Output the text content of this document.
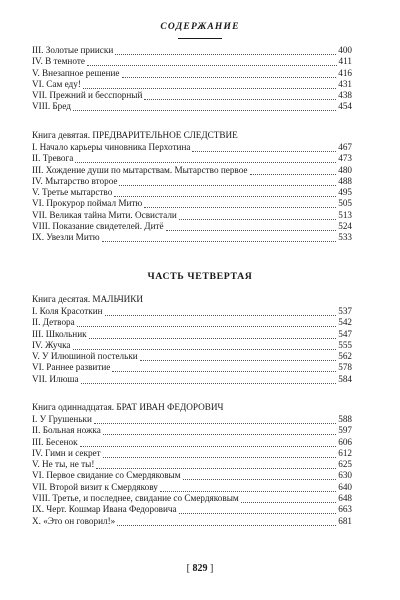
СОДЕРЖАНИЕ
III. Золотые прииски	400
IV. В темноте	411
V. Внезапное решение	416
VI. Сам еду!	431
VII. Прежний и бесспорный	438
VIII. Бред	454
Книга девятая. ПРЕДВАРИТЕЛЬНОЕ СЛЕДСТВИЕ
I. Начало карьеры чиновника Перхотина	467
II. Тревога	473
III. Хождение души по мытарствам. Мытарство первое	480
IV. Мытарство второе	488
V. Третье мытарство	495
VI. Прокурор поймал Митю	505
VII. Великая тайна Мити. Освистали	513
VIII. Показание свидетелей. Дитё	524
IX. Увезли Митю	533
ЧАСТЬ ЧЕТВЕРТАЯ
Книга десятая. МАЛЬЧИКИ
I. Коля Красоткин	537
II. Детвора	542
III. Школьник	547
IV. Жучка	555
V. У Илюшиной постельки	562
VI. Раннее развитие	578
VII. Илюша	584
Книга одиннадцатая. БРАТ ИВАН ФЕДОРОВИЧ
I. У Грушеньки	588
II. Больная ножка	597
III. Бесенок	606
IV. Гимн и секрет	612
V. Не ты, не ты!	625
VI. Первое свидание со Смердяковым	630
VII. Второй визит к Смердякову	640
VIII. Третье, и последнее, свидание со Смердяковым	648
IX. Черт. Кошмар Ивана Федоровича	663
X. «Это он говорил!»	681
[ 829 ]
